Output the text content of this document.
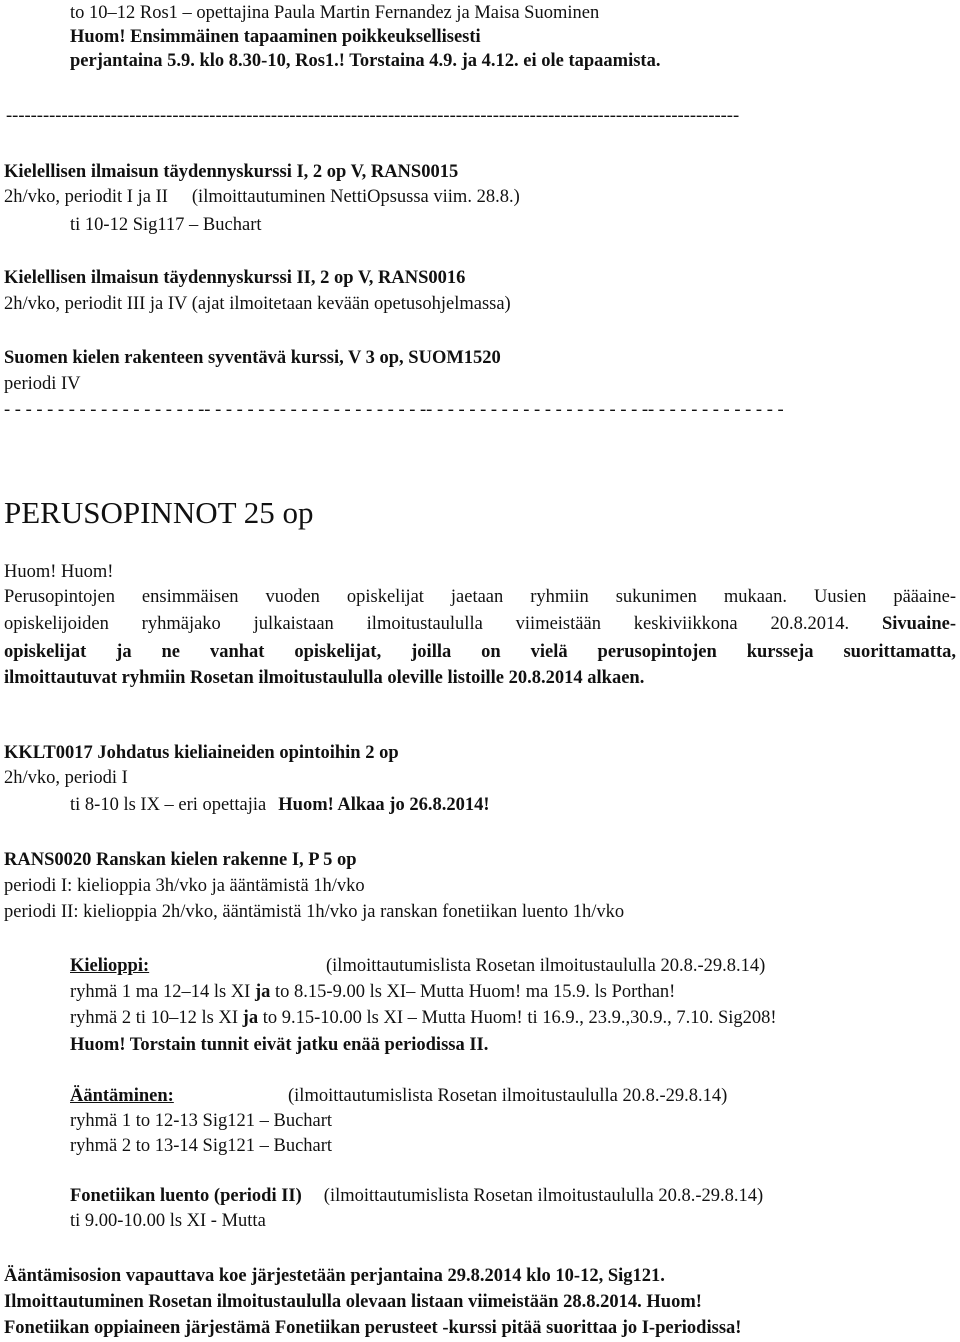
to 10–12 Ros1 – opettajina Paula Martin Fernandez ja Maisa Suominen
Huom! Ensimmäinen tapaaminen poikkeuksellisesti
perjantaina 5.9. klo 8.30-10, Ros1.! Torstaina 4.9. ja 4.12. ei ole tapaamista.
-----------------------------------------------------------------------------------------------------------------------
Kielellisen ilmaisun täydennyskurssi I, 2 op V, RANS0015
2h/vko, periodit I ja II (ilmoittautuminen NettiOpsussa viim. 28.8.)
ti 10-12 Sig117 – Buchart
Kielellisen ilmaisun täydennyskurssi II, 2 op V, RANS0016
2h/vko, periodit III ja IV (ajat ilmoitetaan kevään opetusohjelmassa)
Suomen kielen rakenteen syventävä kurssi, V 3 op, SUOM1520
periodi IV
- - - - - - - - - - - - - - - - - - -- - - - - - - - - - - - - - - - - - - - -- - - - - - - - - - - - - - - - - - - - -- - - - - - - - - - - - -
PERUSOPINNOT 25 op
Huom! Huom!
Perusopintojen ensimmäisen vuoden opiskelijat jaetaan ryhmiin sukunimen mukaan. Uusien pääaine-
opiskelijoiden ryhmäjako julkaistaan ilmoitustaululla viimeistään keskiviikkona 20.8.2014. Sivuaine-
opiskelijat ja ne vanhat opiskelijat, joilla on vielä perusopintojen kursseja suorittamatta,
ilmoittautuvat ryhmiin Rosetan ilmoitustaululla oleville listoille 20.8.2014 alkaen.
KKLT0017 Johdatus kieliaineiden opintoihin 2 op
2h/vko, periodi I
ti 8-10 ls IX – eri opettajia Huom! Alkaa jo 26.8.2014!
RANS0020 Ranskan kielen rakenne I, P 5 op
periodi I: kielioppia 3h/vko ja ääntämistä 1h/vko
periodi II: kielioppia 2h/vko, ääntämistä 1h/vko ja ranskan fonetiikan luento 1h/vko
Kielioppi:	(ilmoittautumislista Rosetan ilmoitustaululla 20.8.-29.8.14)
ryhmä 1 ma 12–14 ls XI ja to 8.15-9.00 ls XI– Mutta Huom! ma 15.9. ls Porthan!
ryhmä 2 ti 10–12 ls XI ja to 9.15-10.00 ls XI – Mutta Huom! ti 16.9., 23.9.,30.9., 7.10. Sig208!
Huom! Torstain tunnit eivät jatku enää periodissa II.
Ääntäminen:	(ilmoittautumislista Rosetan ilmoitustaululla 20.8.-29.8.14)
ryhmä 1 to 12-13 Sig121 – Buchart
ryhmä 2 to 13-14 Sig121 – Buchart
Fonetiikan luento (periodi II) (ilmoittautumislista Rosetan ilmoitustaululla 20.8.-29.8.14)
ti 9.00-10.00 ls XI - Mutta
Ääntämisosion vapauttava koe järjestetään perjantaina 29.8.2014 klo 10-12, Sig121.
Ilmoittautuminen Rosetan ilmoitustaululla olevaan listaan viimeistään 28.8.2014. Huom!
Fonetiikan oppiaineen järjestämä Fonetiikan perusteet -kurssi pitää suorittaa jo I-periodissa!
